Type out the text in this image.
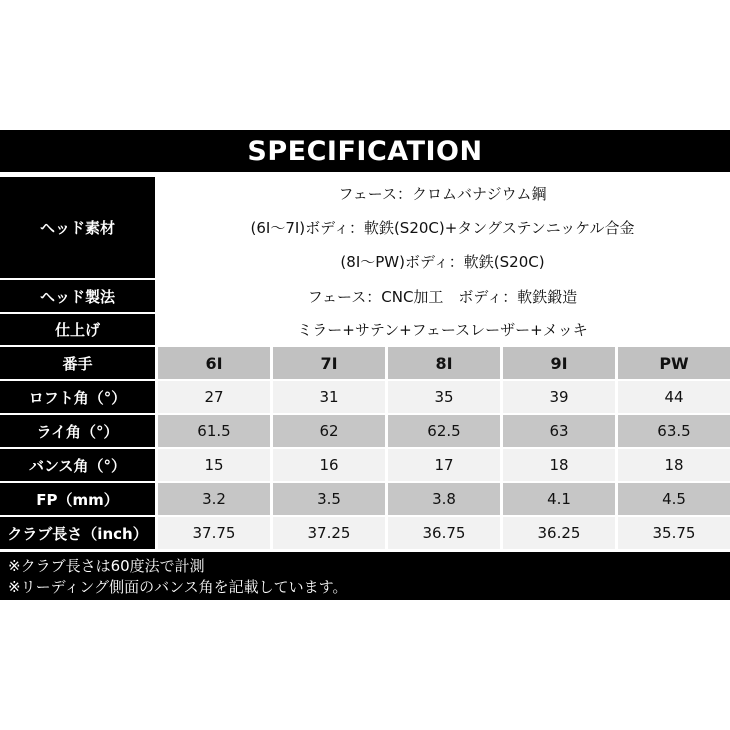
SPECIFICATION
ヘッド素材
フェース：クロムバナジウム鋼
(6I～7I)ボディ：軟鉄(S20C)+タングステンニッケル合金
(8I～PW)ボディ：軟鉄(S20C)
ヘッド製法	フェース：CNC加工　ボディ：軟鉄鍛造
仕上げ	ミラー+サテン+フェースレーザー+メッキ
番手	6I	7I	8I	9I	PW
ロフト角（°）	27	31	35	39	44
ライ角（°）	61.5	62	62.5	63	63.5
バンス角（°）	15	16	17	18	18
FP（mm）	3.2	3.5	3.8	4.1	4.5
クラブ長さ（inch）	37.75	37.25	36.75	36.25	35.75
※クラブ長さは60度法で計測
※リーディング側面のバンス角を記載しています。
